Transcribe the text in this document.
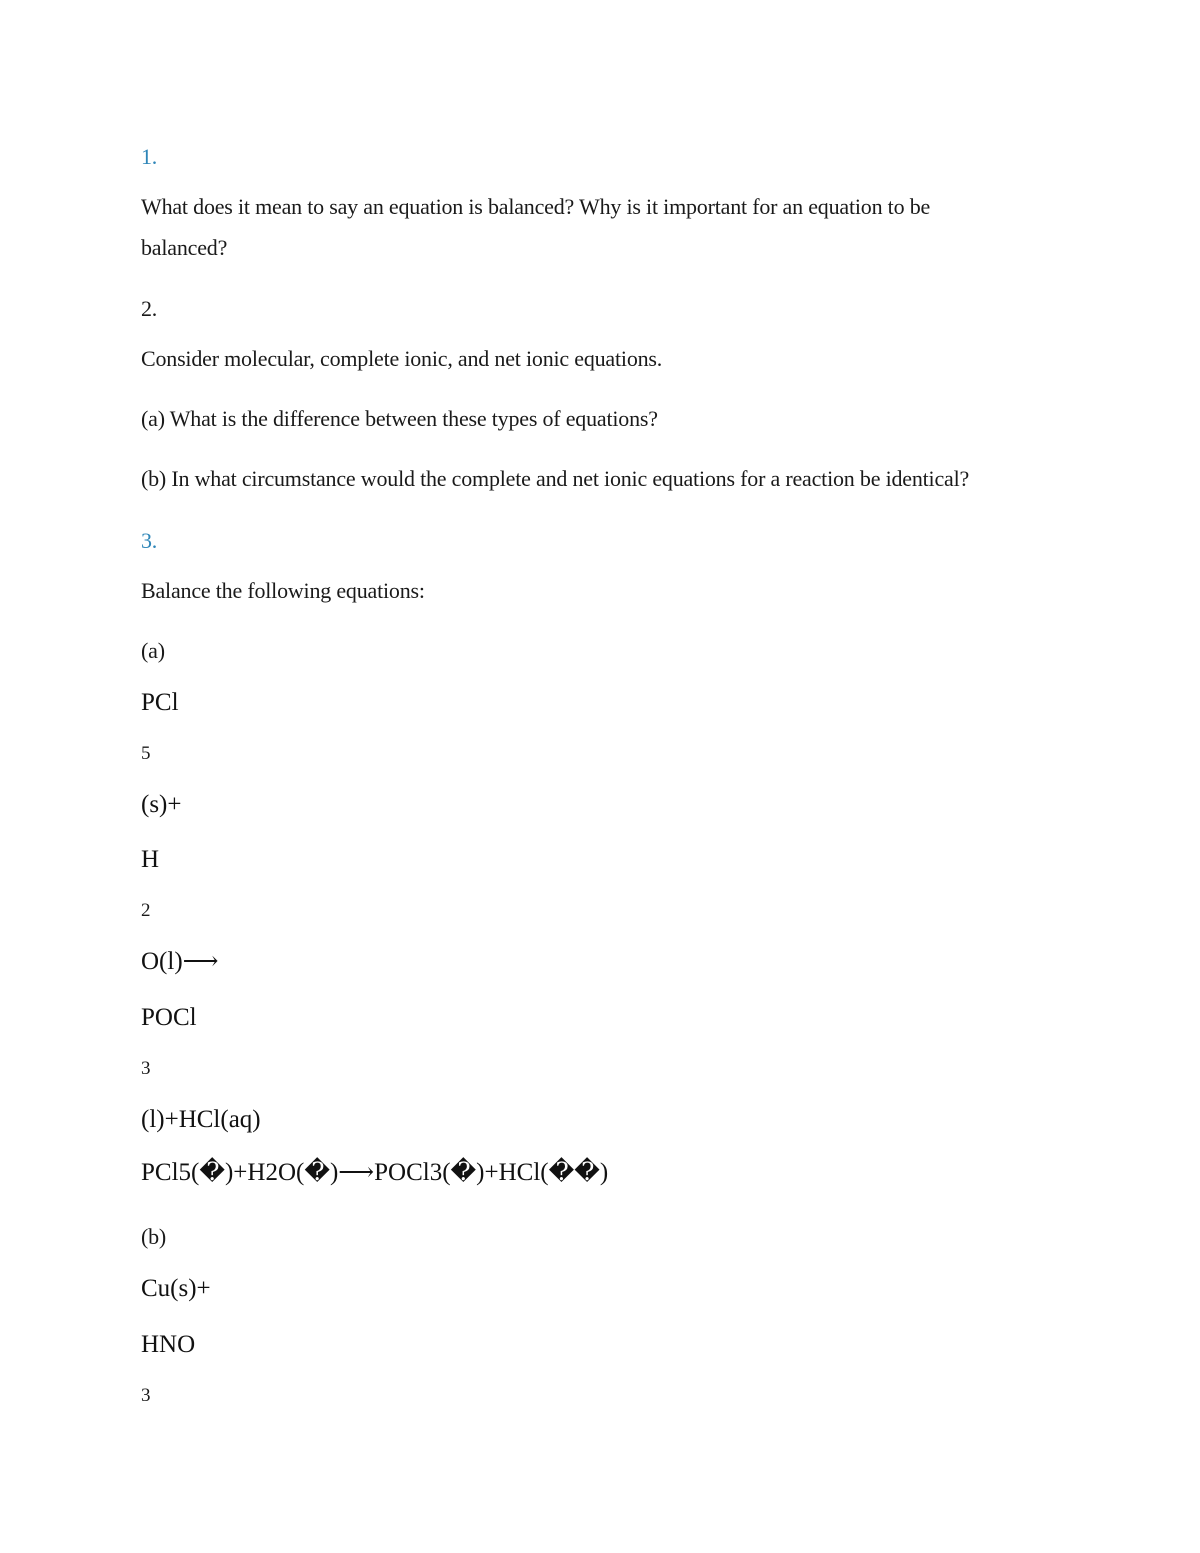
1.
What does it mean to say an equation is balanced? Why is it important for an equation to be
balanced?
2.
Consider molecular, complete ionic, and net ionic equations.
(a) What is the difference between these types of equations?
(b) In what circumstance would the complete and net ionic equations for a reaction be identical?
3.
Balance the following equations:
(a)
PCl
5
(s)+
H
2
O(l)⟶
POCl
3
(l)+HCl(aq)
PCl5(�)+H2O(�)⟶POCl3(�)+HCl(��)
(b)
Cu(s)+
HNO
3
